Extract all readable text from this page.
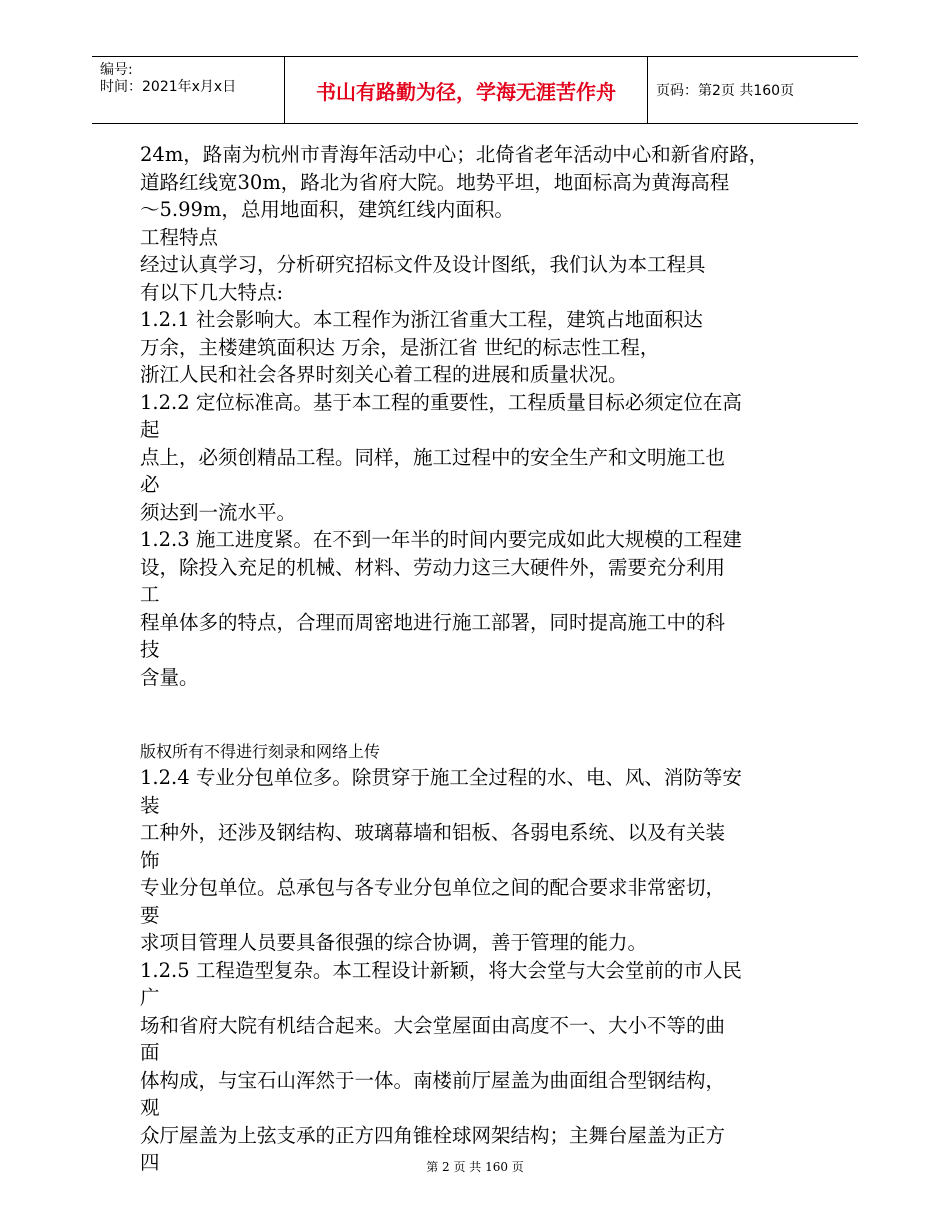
编号:
时间：2021年x月x日	书山有路勤为径，学海无涯苦作舟	页码：第2页 共160页
24m，路南为杭州市青海年活动中心；北倚省老年活动中心和新省府路，
道路红线宽30m，路北为省府大院。地势平坦，地面标高为黄海高程
～5.99m，总用地面积，建筑红线内面积。
工程特点
经过认真学习，分析研究招标文件及设计图纸，我们认为本工程具
有以下几大特点:
1.2.1 社会影响大。本工程作为浙江省重大工程，建筑占地面积达
万余，主楼建筑面积达 万余，是浙江省 世纪的标志性工程，
浙江人民和社会各界时刻关心着工程的进展和质量状况。
1.2.2 定位标准高。基于本工程的重要性，工程质量目标必须定位在高
起
点上，必须创精品工程。同样，施工过程中的安全生产和文明施工也
必
须达到一流水平。
1.2.3 施工进度紧。在不到一年半的时间内要完成如此大规模的工程建
设，除投入充足的机械、材料、劳动力这三大硬件外，需要充分利用
工
程单体多的特点，合理而周密地进行施工部署，同时提高施工中的科
技
含量。
版权所有不得进行刻录和网络上传
1.2.4 专业分包单位多。除贯穿于施工全过程的水、电、风、消防等安
装
工种外，还涉及钢结构、玻璃幕墙和铝板、各弱电系统、以及有关装
饰
专业分包单位。总承包与各专业分包单位之间的配合要求非常密切，
要
求项目管理人员要具备很强的综合协调，善于管理的能力。
1.2.5 工程造型复杂。本工程设计新颖，将大会堂与大会堂前的市人民
广
场和省府大院有机结合起来。大会堂屋面由高度不一、大小不等的曲
面
体构成，与宝石山浑然于一体。南楼前厅屋盖为曲面组合型钢结构，
观
众厅屋盖为上弦支承的正方四角锥栓球网架结构；主舞台屋盖为正方
四	第 2 页 共 160 页
